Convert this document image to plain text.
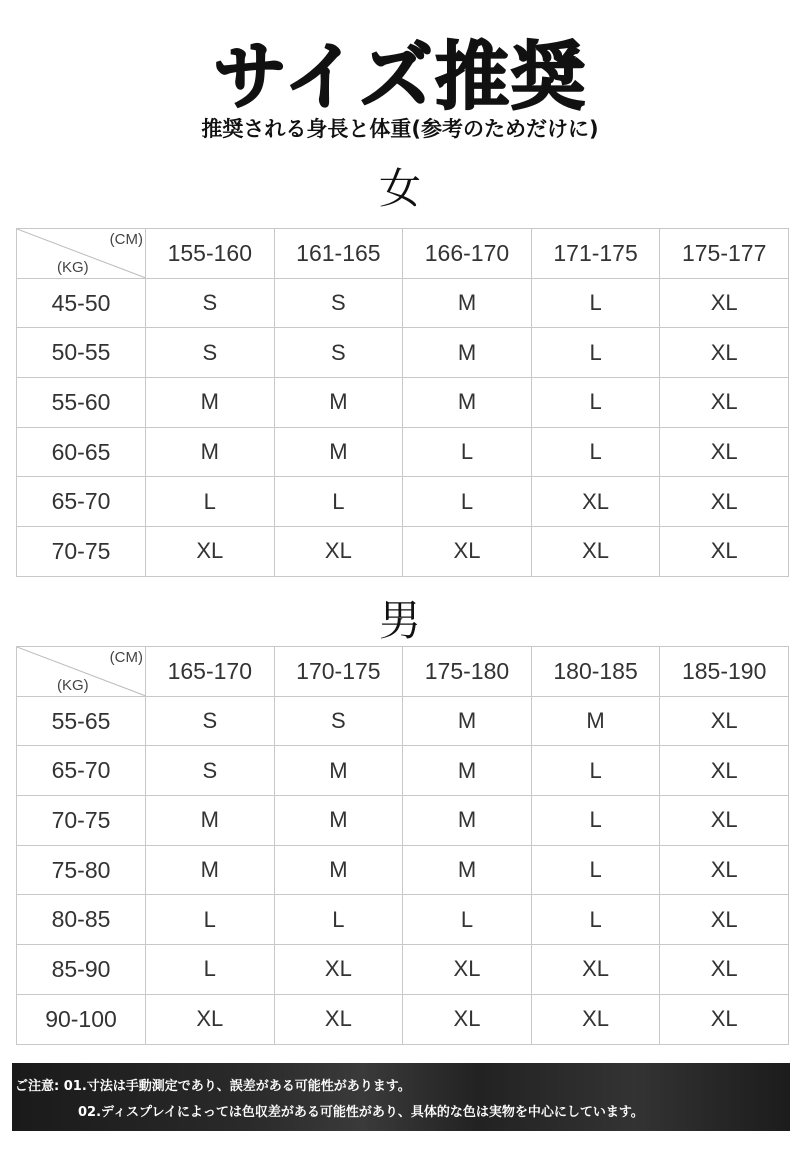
サイズ推奨
推奨される身長と体重(参考のためだけに)
女
(CM)
(KG)	155-160	161-165	166-170	171-175	175-177
45-50	S	S	M	L	XL
50-55	S	S	M	L	XL
55-60	M	M	M	L	XL
60-65	M	M	L	L	XL
65-70	L	L	L	XL	XL
70-75	XL	XL	XL	XL	XL
男
(CM)
(KG)	165-170	170-175	175-180	180-185	185-190
55-65	S	S	M	M	XL
65-70	S	M	M	L	XL
70-75	M	M	M	L	XL
75-80	M	M	M	L	XL
80-85	L	L	L	L	XL
85-90	L	XL	XL	XL	XL
90-100	XL	XL	XL	XL	XL
ご注意: 01.寸法は手動測定であり、誤差がある可能性があります。
02.ディスプレイによっては色収差がある可能性があり、具体的な色は実物を中心にしています。
